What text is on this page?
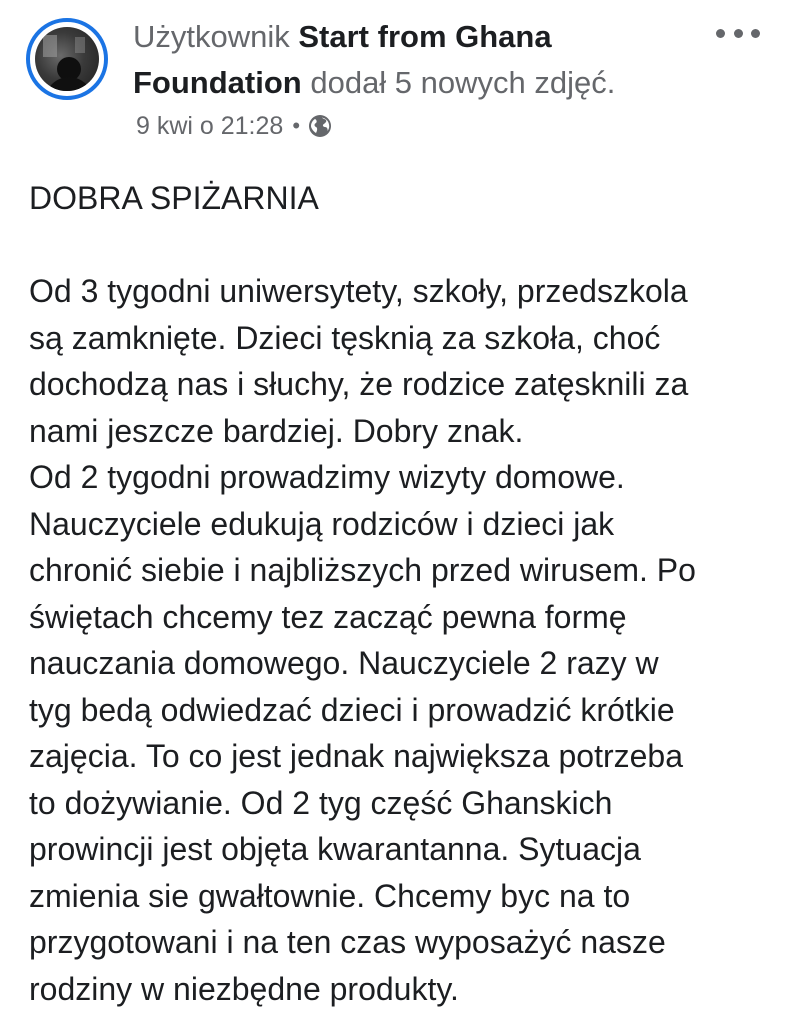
Użytkownik Start from Ghana Foundation dodał 5 nowych zdjęć.
9 kwi o 21:28 •

DOBRA SPIŻARNIA

Od 3 tygodni uniwersytety, szkoły, przedszkola
są zamknięte. Dzieci tęsknią za szkoła, choć
dochodzą nas i słuchy, że rodzice zatęsknili za
nami jeszcze bardziej. Dobry znak.

Od 2 tygodni prowadzimy wizyty domowe.
Nauczyciele edukują rodziców i dzieci jak
chronić siebie i najbliższych przed wirusem. Po
świętach chcemy tez zacząć pewna formę
nauczania domowego. Nauczyciele 2 razy w
tyg bedą odwiedzać dzieci i prowadzić krótkie
zajęcia. To co jest jednak największa potrzeba
to dożywianie. Od 2 tyg część Ghanskich
prowincji jest objęta kwarantanna. Sytuacja
zmienia sie gwałtownie. Chcemy byc na to
przygotowani i na ten czas wyposażyć nasze
rodziny w niezbędne produkty.
